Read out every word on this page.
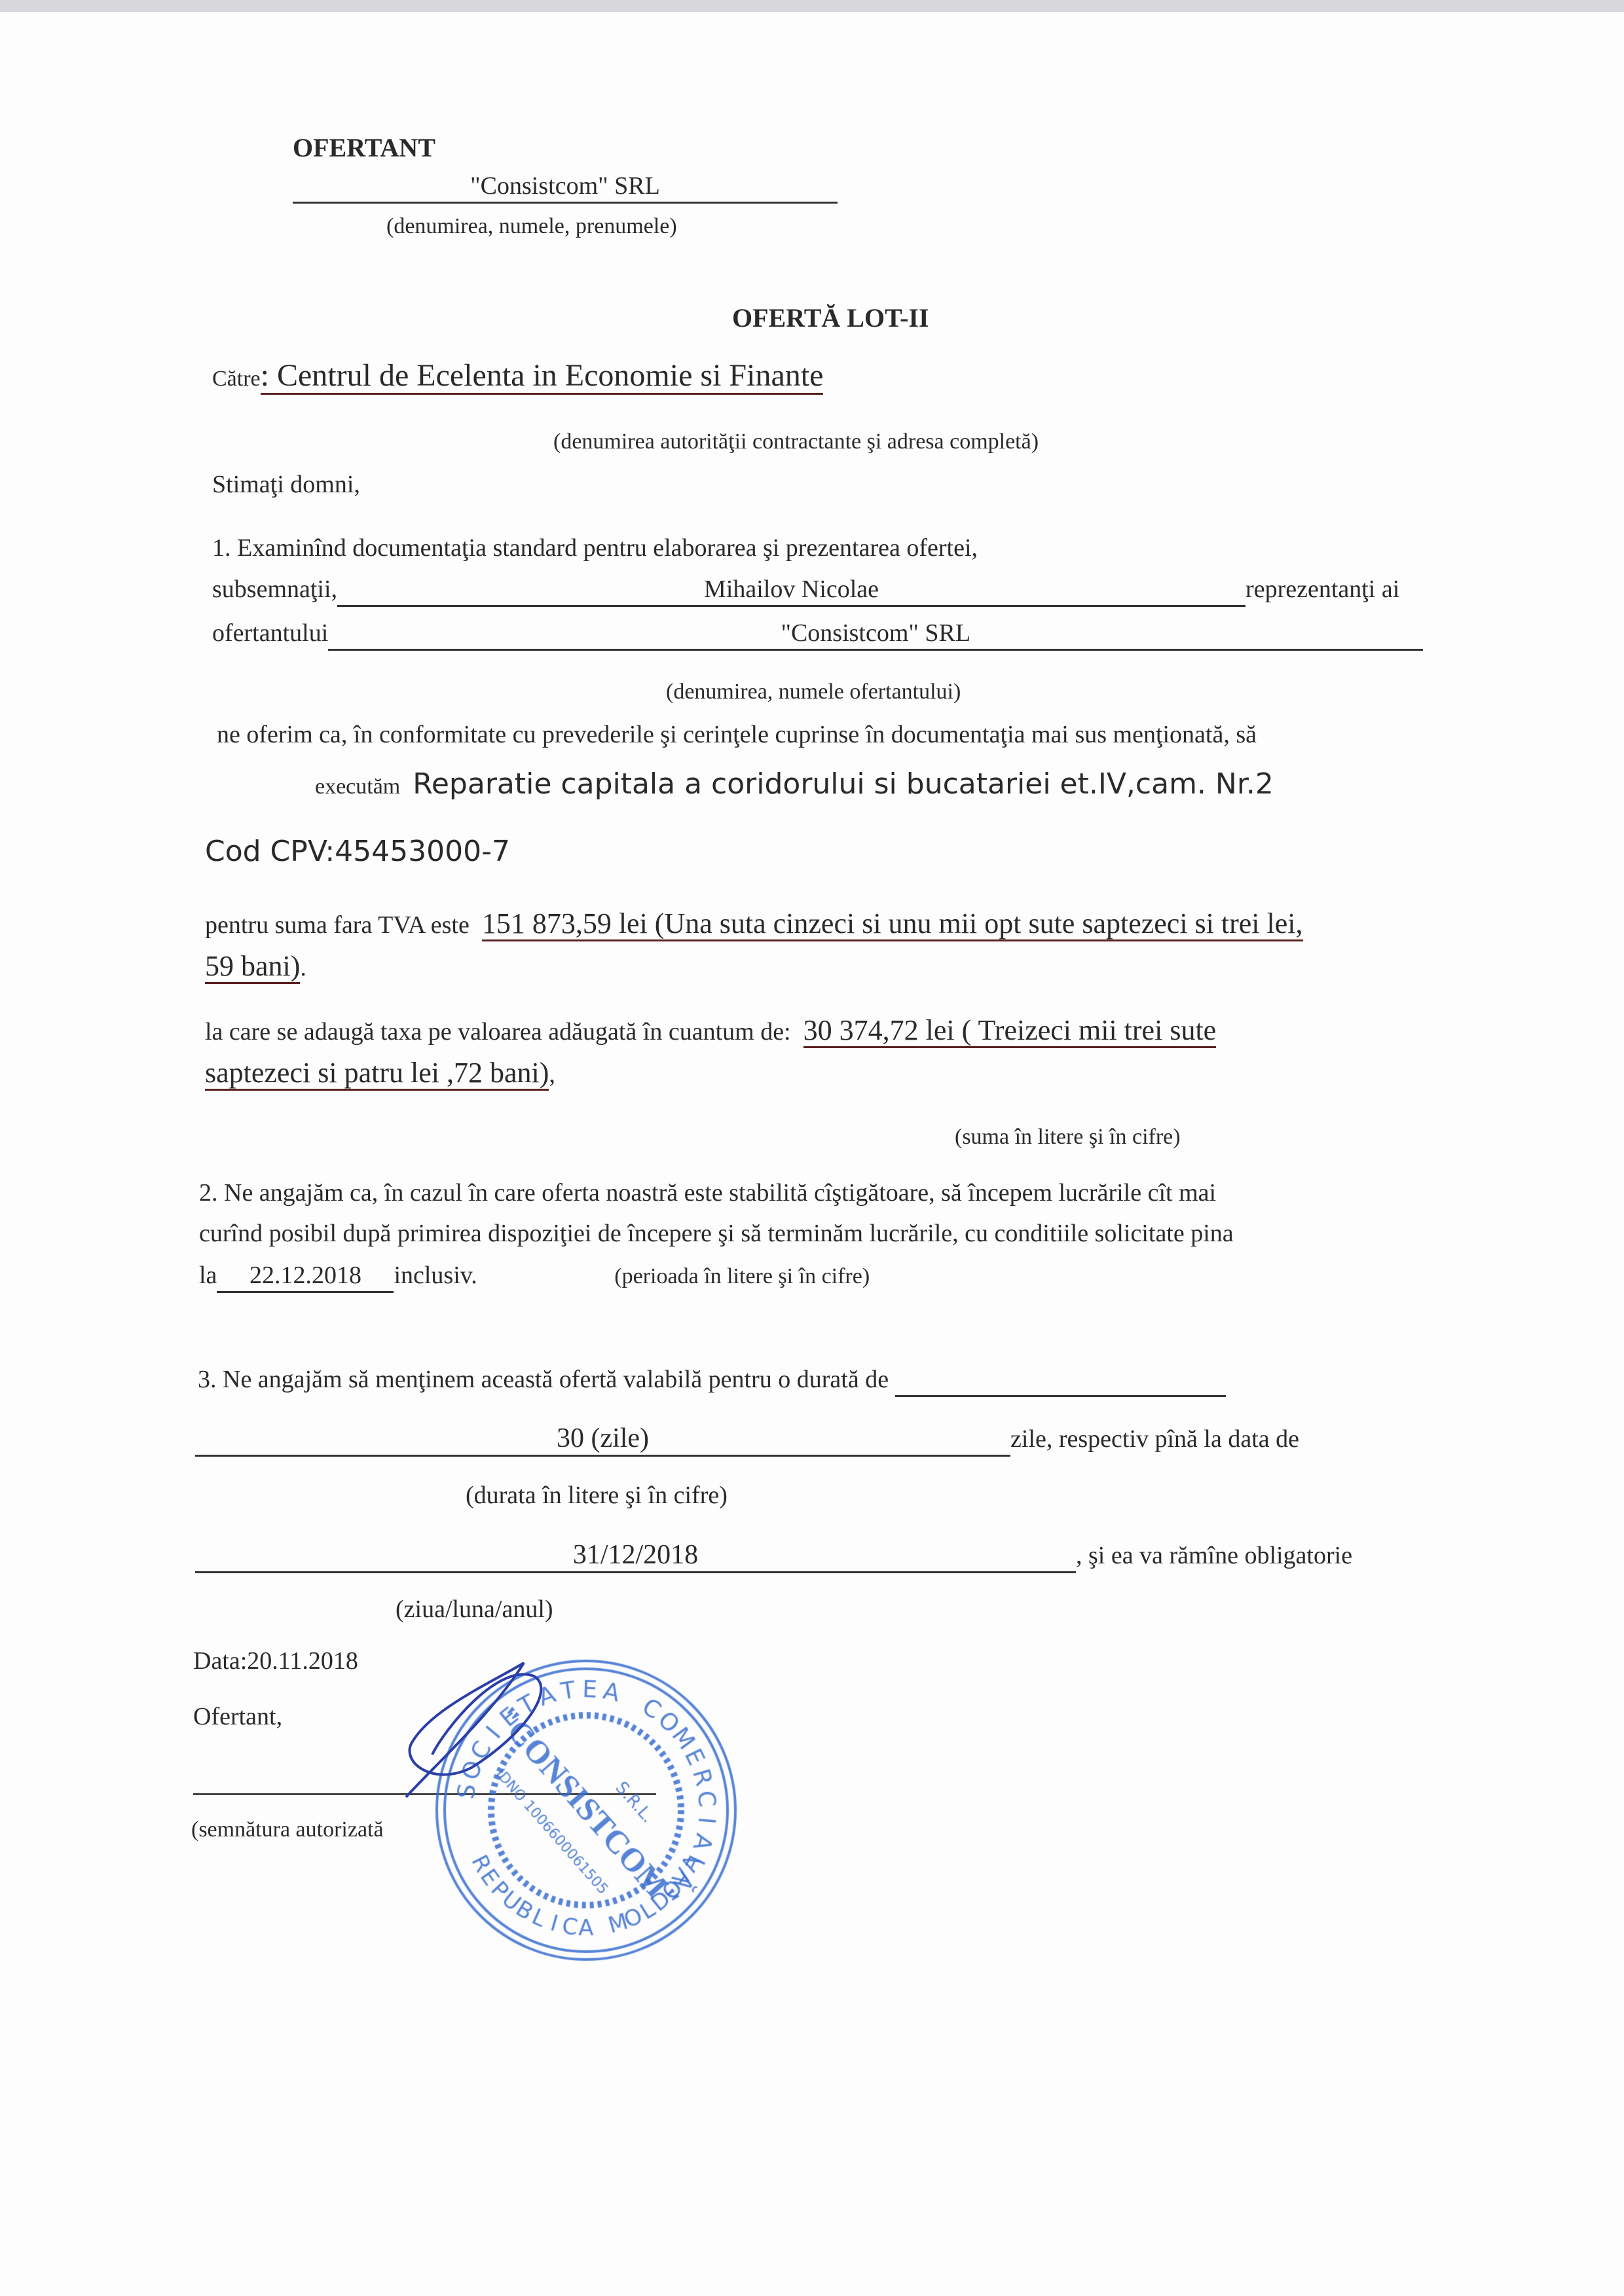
OFERTANT
"Consistcom" SRL
(denumirea, numele, prenumele)
OFERTĂ LOT-II
Către: Centrul de Ecelenta in Economie si Finante
(denumirea autorităţii contractante şi adresa completă)
Stimaţi domni,
1. Examinînd documentaţia standard pentru elaborarea şi prezentarea ofertei,
subsemnaţii,	Mihailov Nicolae	reprezentanţi ai
ofertantului	"Consistcom" SRL
(denumirea, numele ofertantului)
ne oferim ca, în conformitate cu prevederile şi cerinţele cuprinse în documentaţia mai sus menţionată, să
executăm Reparatie capitala a coridorului si bucatariei et.IV,cam. Nr.2
Cod CPV:45453000-7
pentru suma fara TVA este 151 873,59 lei (Una suta cinzeci si unu mii opt sute saptezeci si trei lei,
59 bani).
la care se adaugă taxa pe valoarea adăugată în cuantum de: 30 374,72 lei ( Treizeci mii trei sute
saptezeci si patru lei ,72 bani),
(suma în litere şi în cifre)
2. Ne angajăm ca, în cazul în care oferta noastră este stabilită cîştigătoare, să începem lucrările cît mai
curînd posibil după primirea dispoziţiei de începere şi să terminăm lucrările, cu conditiile solicitate pina
la 22.12.2018 inclusiv.	(perioada în litere şi în cifre)
3. Ne angajăm să menţinem această ofertă valabilă pentru o durată de
30 (zile)	zile, respectiv pînă la data de
(durata în litere şi în cifre)
31/12/2018	, şi ea va rămîne obligatorie
(ziua/luna/anul)
Data:20.11.2018
Ofertant,
(semnătura autorizată
